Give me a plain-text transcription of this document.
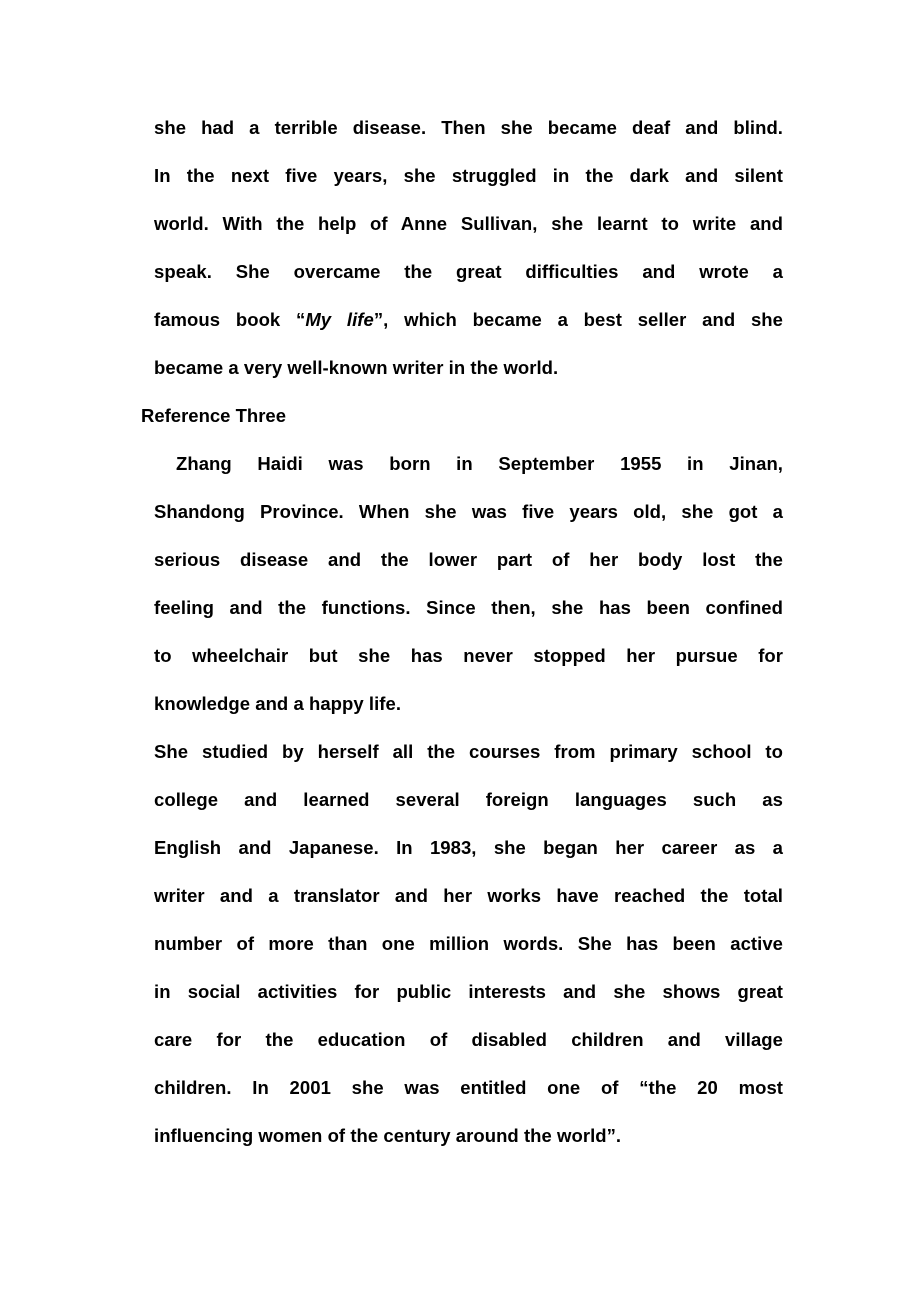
she had a terrible disease. Then she became deaf and blind.
In the next five years, she struggled in the dark and silent
world. With the help of Anne Sullivan, she learnt to write and
speak. She overcame the great difficulties and wrote a
famous book “My life”, which became a best seller and she
became a very well-known writer in the world.
Reference Three
Zhang Haidi was born in September 1955 in Jinan,
Shandong Province. When she was five years old, she got a
serious disease and the lower part of her body lost the
feeling and the functions. Since then, she has been confined
to wheelchair but she has never stopped her pursue for
knowledge and a happy life.
She studied by herself all the courses from primary school to
college and learned several foreign languages such as
English and Japanese. In 1983, she began her career as a
writer and a translator and her works have reached the total
number of more than one million words. She has been active
in social activities for public interests and she shows great
care for the education of disabled children and village
children. In 2001 she was entitled one of “the 20 most
influencing women of the century around the world”.
